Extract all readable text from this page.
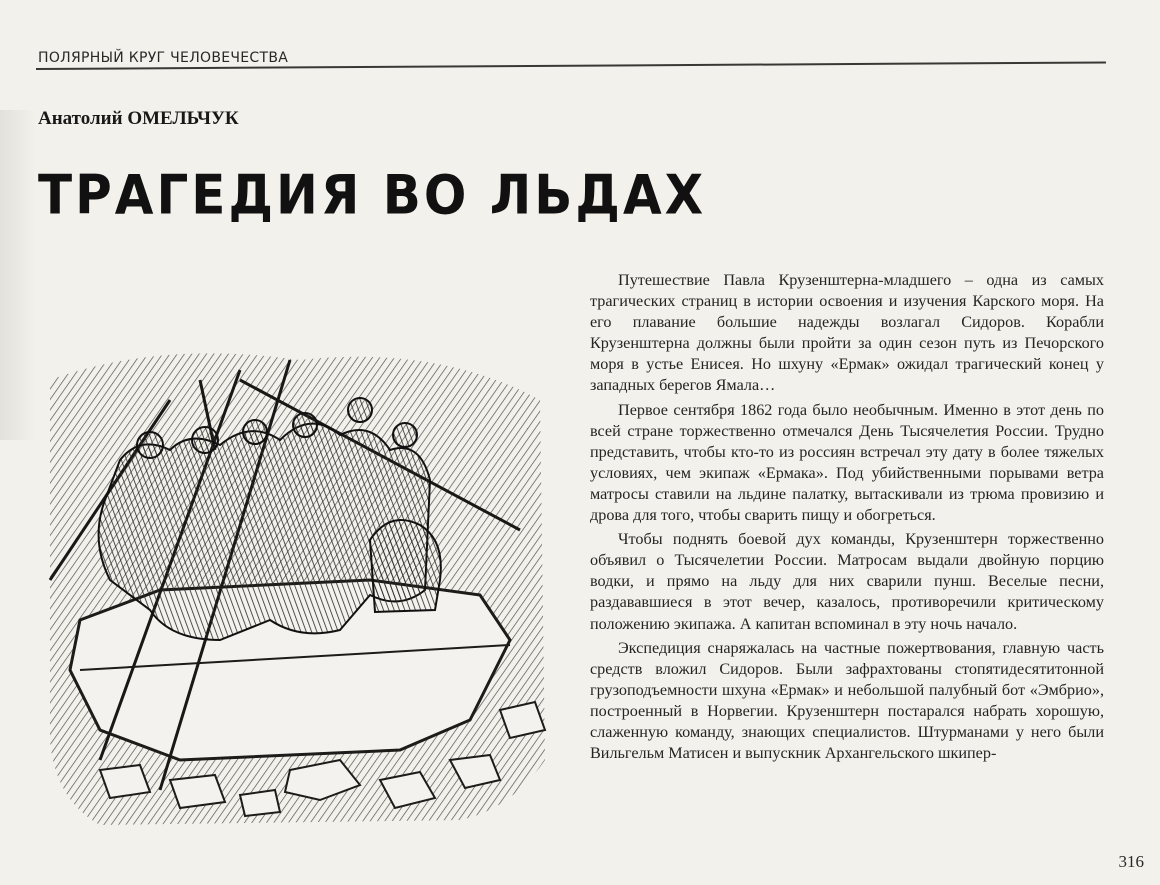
ПОЛЯРНЫЙ КРУГ ЧЕЛОВЕЧЕСТВА
Анатолий ОМЕЛЬЧУК
ТРАГЕДИЯ ВО ЛЬДАХ

Путешествие Павла Крузенштерна-младшего – одна из самых трагических страниц в истории освоения и изучения Карского моря. На его плавание большие надежды возлагал Сидоров. Корабли Крузенштерна должны были пройти за один сезон путь из Печорского моря в устье Енисея. Но шхуну «Ермак» ожидал трагический конец у западных берегов Ямала…

Первое сентября 1862 года было необычным. Именно в этот день по всей стране торжественно отмечался День Тысячелетия России. Трудно представить, чтобы кто-то из россиян встречал эту дату в более тяжелых условиях, чем экипаж «Ермака». Под убийственными порывами ветра матросы ставили на льдине палатку, вытаскивали из трюма провизию и дрова для того, чтобы сварить пищу и обогреться.

Чтобы поднять боевой дух команды, Крузенштерн торжественно объявил о Тысячелетии России. Матросам выдали двойную порцию водки, и прямо на льду для них сварили пунш. Веселые песни, раздававшиеся в этот вечер, казалось, противоречили критическому положению экипажа. А капитан вспоминал в эту ночь начало.

Экспедиция снаряжалась на частные пожертвования, главную часть средств вложил Сидоров. Были зафрахтованы стопятидесятитонной грузоподъемности шхуна «Ермак» и небольшой палубный бот «Эмбрио», построенный в Норвегии. Крузенштерн постарался набрать хорошую, слаженную команду, знающих специалистов. Штурманами у него были Вильгельм Матисен и выпускник Архангельского шкипер-

316
